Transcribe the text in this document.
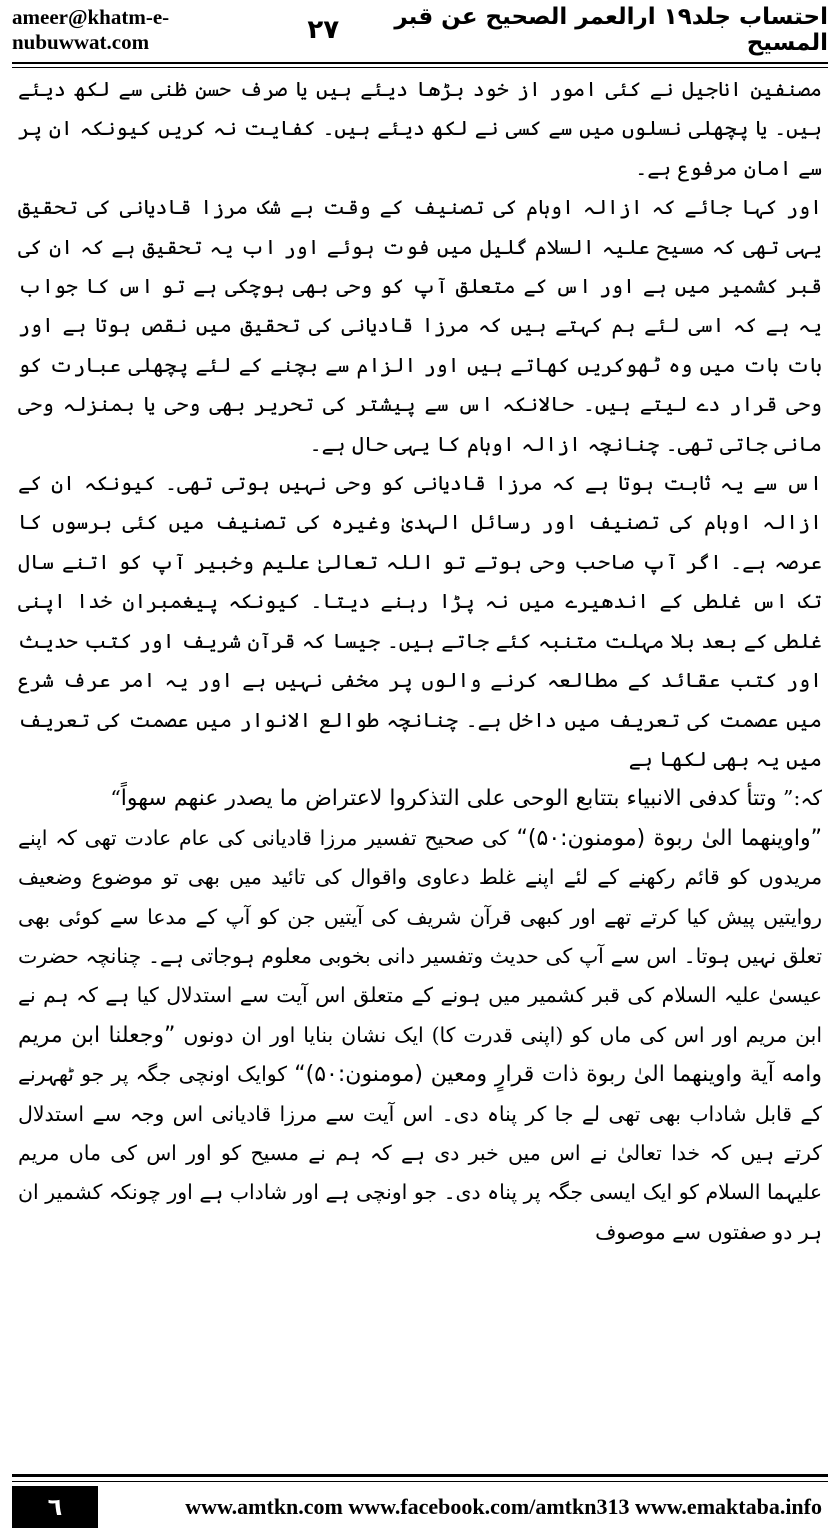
ameer@khatm-e-nubuwwat.com	۲۷	احتساب جلد۱۹ ارالعمر الصحیح عن قبر المسیح

مصنفین اناجیل نے کئی امور از خود بڑھا دیئے ہیں یا صرف حسن ظنی سے لکھ دیئے ہیں۔ یا پچھلی نسلوں میں سے کسی نے لکھ دیئے ہیں۔ کفایت نہ کریں کیونکہ ان پر سے امان مرفوع ہے۔

اور کہا جائے کہ ازالہ اوہام کی تصنیف کے وقت بے شک مرزا قادیانی کی تحقیق یہی تھی کہ مسیح علیہ السلام گلیل میں فوت ہوئے اور اب یہ تحقیق ہے کہ ان کی قبر کشمیر میں ہے اور اس کے متعلق آپ کو وحی بھی ہوچکی ہے تو اس کا جواب یہ ہے کہ اسی لئے ہم کہتے ہیں کہ مرزا قادیانی کی تحقیق میں نقص ہوتا ہے اور بات بات میں وہ ٹھوکریں کھاتے ہیں اور الزام سے بچنے کے لئے پچھلی عبارت کو وحی قرار دے لیتے ہیں۔ حالانکہ اس سے پیشتر کی تحریر بھی وحی یا بمنزلہ وحی مانی جاتی تھی۔ چنانچہ ازالہ اوہام کا یہی حال ہے۔

اس سے یہ ثابت ہوتا ہے کہ مرزا قادیانی کو وحی نہیں ہوتی تھی۔ کیونکہ ان کے ازالہ اوہام کی تصنیف اور رسائل الہدیٰ وغیرہ کی تصنیف میں کئی برسوں کا عرصہ ہے۔ اگر آپ صاحب وحی ہوتے تو اللہ تعالیٰ علیم وخبیر آپ کو اتنے سال تک اس غلطی کے اندھیرے میں نہ پڑا رہنے دیتا۔ کیونکہ پیغمبران خدا اپنی غلطی کے بعد بلا مہلت متنبہ کئے جاتے ہیں۔ جیسا کہ قرآن شریف اور کتب حدیث اور کتب عقائد کے مطالعہ کرنے والوں پر مخفی نہیں ہے اور یہ امر عرف شرع میں عصمت کی تعریف میں داخل ہے۔ چنانچہ طوالع الانوار میں عصمت کی تعریف میں یہ بھی لکھا ہے

کہ:” وتتأ كدفی الانبیاء بتتابع الوحی علی التذکروا لاعتراض ما یصدر عنهم سهواً“

”واوینهما الیٰ ربوة (مومنون:۵۰)“ کی صحیح تفسیر مرزا قادیانی کی عام عادت تھی کہ اپنے مریدوں کو قائم رکھنے کے لئے اپنے غلط دعاوی واقوال کی تائید میں بھی تو موضوع وضعیف روایتیں پیش کیا کرتے تھے اور کبھی قرآن شریف کی آیتیں جن کو آپ کے مدعا سے کوئی بھی تعلق نہیں ہوتا۔ اس سے آپ کی حدیث وتفسیر دانی بخوبی معلوم ہوجاتی ہے۔ چنانچہ حضرت عیسیٰ علیہ السلام کی قبر کشمیر میں ہونے کے متعلق اس آیت سے استدلال کیا ہے کہ ہم نے ابن مریم اور اس کی ماں کو (اپنی قدرت کا) ایک نشان بنایا اور ان دونوں ”وجعلنا ابن مریم وامه آیة واوینهما الیٰ ربوة ذات قرارٍ ومعین (مومنون:۵۰)“ کوایک اونچی جگہ پر جو ٹھہرنے کے قابل شاداب بھی تھی لے جا کر پناہ دی۔ اس آیت سے مرزا قادیانی اس وجہ سے استدلال کرتے ہیں کہ خدا تعالیٰ نے اس میں خبر دی ہے کہ ہم نے مسیح کو اور اس کی ماں مریم علیہما السلام کو ایک ایسی جگہ پر پناہ دی۔ جو اونچی ہے اور شاداب ہے اور چونکہ کشمیر ان ہر دو صفتوں سے موصوف

٦	www.amtkn.com www.facebook.com/amtkn313 www.emaktaba.info
